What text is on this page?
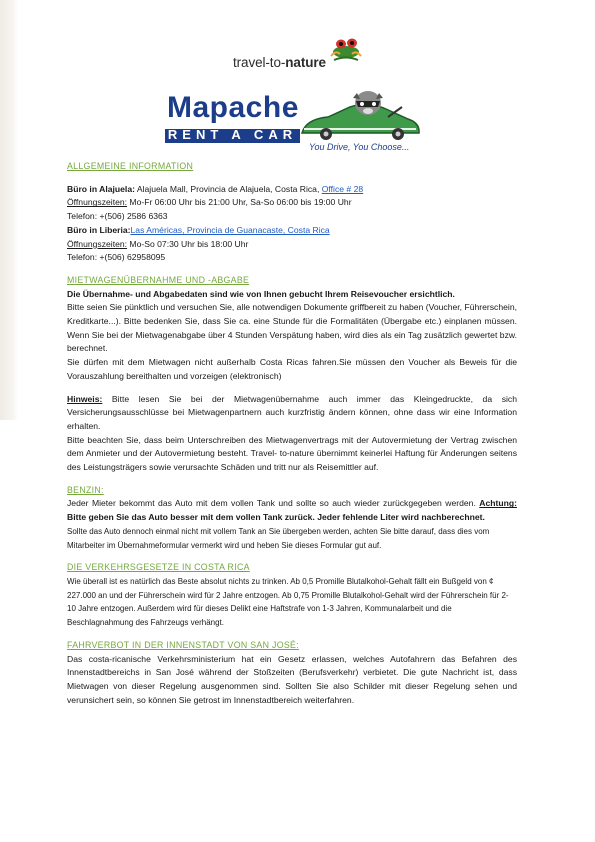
travel-to-nature
Mapache
RENT A CAR
You Drive, You Choose...

ALLGEMEINE INFORMATION

Büro in Alajuela: Alajuela Mall, Provincia de Alajuela, Costa Rica, Office # 28

Öffnungszeiten: Mo-Fr 06:00 Uhr bis 21:00 Uhr, Sa-So 06:00 bis 19:00 Uhr

Telefon: +(506) 2586 6363

Büro in Liberia:Las Américas, Provincia de Guanacaste, Costa Rica

Öffnungszeiten: Mo-So 07:30 Uhr bis 18:00 Uhr

Telefon: +(506) 62958095

MIETWAGENÜBERNAHME UND -ABGABE

Die Übernahme- und Abgabedaten sind wie von Ihnen gebucht Ihrem Reisevoucher ersichtlich.

Bitte seien Sie pünktlich und versuchen Sie, alle notwendigen Dokumente griffbereit zu haben (Voucher, Führerschein, Kreditkarte...). Bitte bedenken Sie, dass Sie ca. eine Stunde für die Formalitäten (Übergabe etc.) einplanen müssen. Wenn Sie bei der Mietwagenabgabe über 4 Stunden Verspätung haben, wird dies als ein Tag zusätzlich gewertet bzw. berechnet.

Sie dürfen mit dem Mietwagen nicht außerhalb Costa Ricas fahren.Sie müssen den Voucher als Beweis für die Vorauszahlung bereithalten und vorzeigen (elektronisch)

Hinweis: Bitte lesen Sie bei der Mietwagenübernahme auch immer das Kleingedruckte, da sich Versicherungsausschlüsse bei Mietwagenpartnern auch kurzfristig ändern können, ohne dass wir eine Information erhalten.

Bitte beachten Sie, dass beim Unterschreiben des Mietwagenvertrags mit der Autovermietung der Vertrag zwischen dem Anmieter und der Autovermietung besteht. Travel- to-nature übernimmt keinerlei Haftung für Änderungen seitens des Leistungsträgers sowie verursachte Schäden und tritt nur als Reisemittler auf.

BENZIN:

Jeder Mieter bekommt das Auto mit dem vollen Tank und sollte so auch wieder zurückgegeben werden. Achtung: Bitte geben Sie das Auto besser mit dem vollen Tank zurück. Jeder fehlende Liter wird nachberechnet.

Sollte das Auto dennoch einmal nicht mit vollem Tank an Sie übergeben werden, achten Sie bitte darauf, dass dies vom Mitarbeiter im Übernahmeformular vermerkt wird und heben Sie dieses Formular gut auf.

DIE VERKEHRSGESETZE IN COSTA RICA

Wie überall ist es natürlich das Beste absolut nichts zu trinken. Ab 0,5 Promille Blutalkohol-Gehalt fällt ein Bußgeld von ¢ 227.000 an und der Führerschein wird für 2 Jahre entzogen. Ab 0,75 Promille Blutalkohol-Gehalt wird der Führerschein für 2-10 Jahre entzogen. Außerdem wird für dieses Delikt eine Haftstrafe von 1-3 Jahren, Kommunalarbeit und die Beschlagnahmung des Fahrzeugs verhängt.

FAHRVERBOT IN DER INNENSTADT VON SAN JOSÉ:

Das costa-ricanische Verkehrsministerium hat ein Gesetz erlassen, welches Autofahrern das Befahren des Innenstadtbereichs in San José während der Stoßzeiten (Berufsverkehr) verbietet. Die gute Nachricht ist, dass Mietwagen von dieser Regelung ausgenommen sind. Sollten Sie also Schilder mit dieser Regelung sehen und verunsichert sein, so können Sie getrost im Innenstadtbereich weiterfahren.
